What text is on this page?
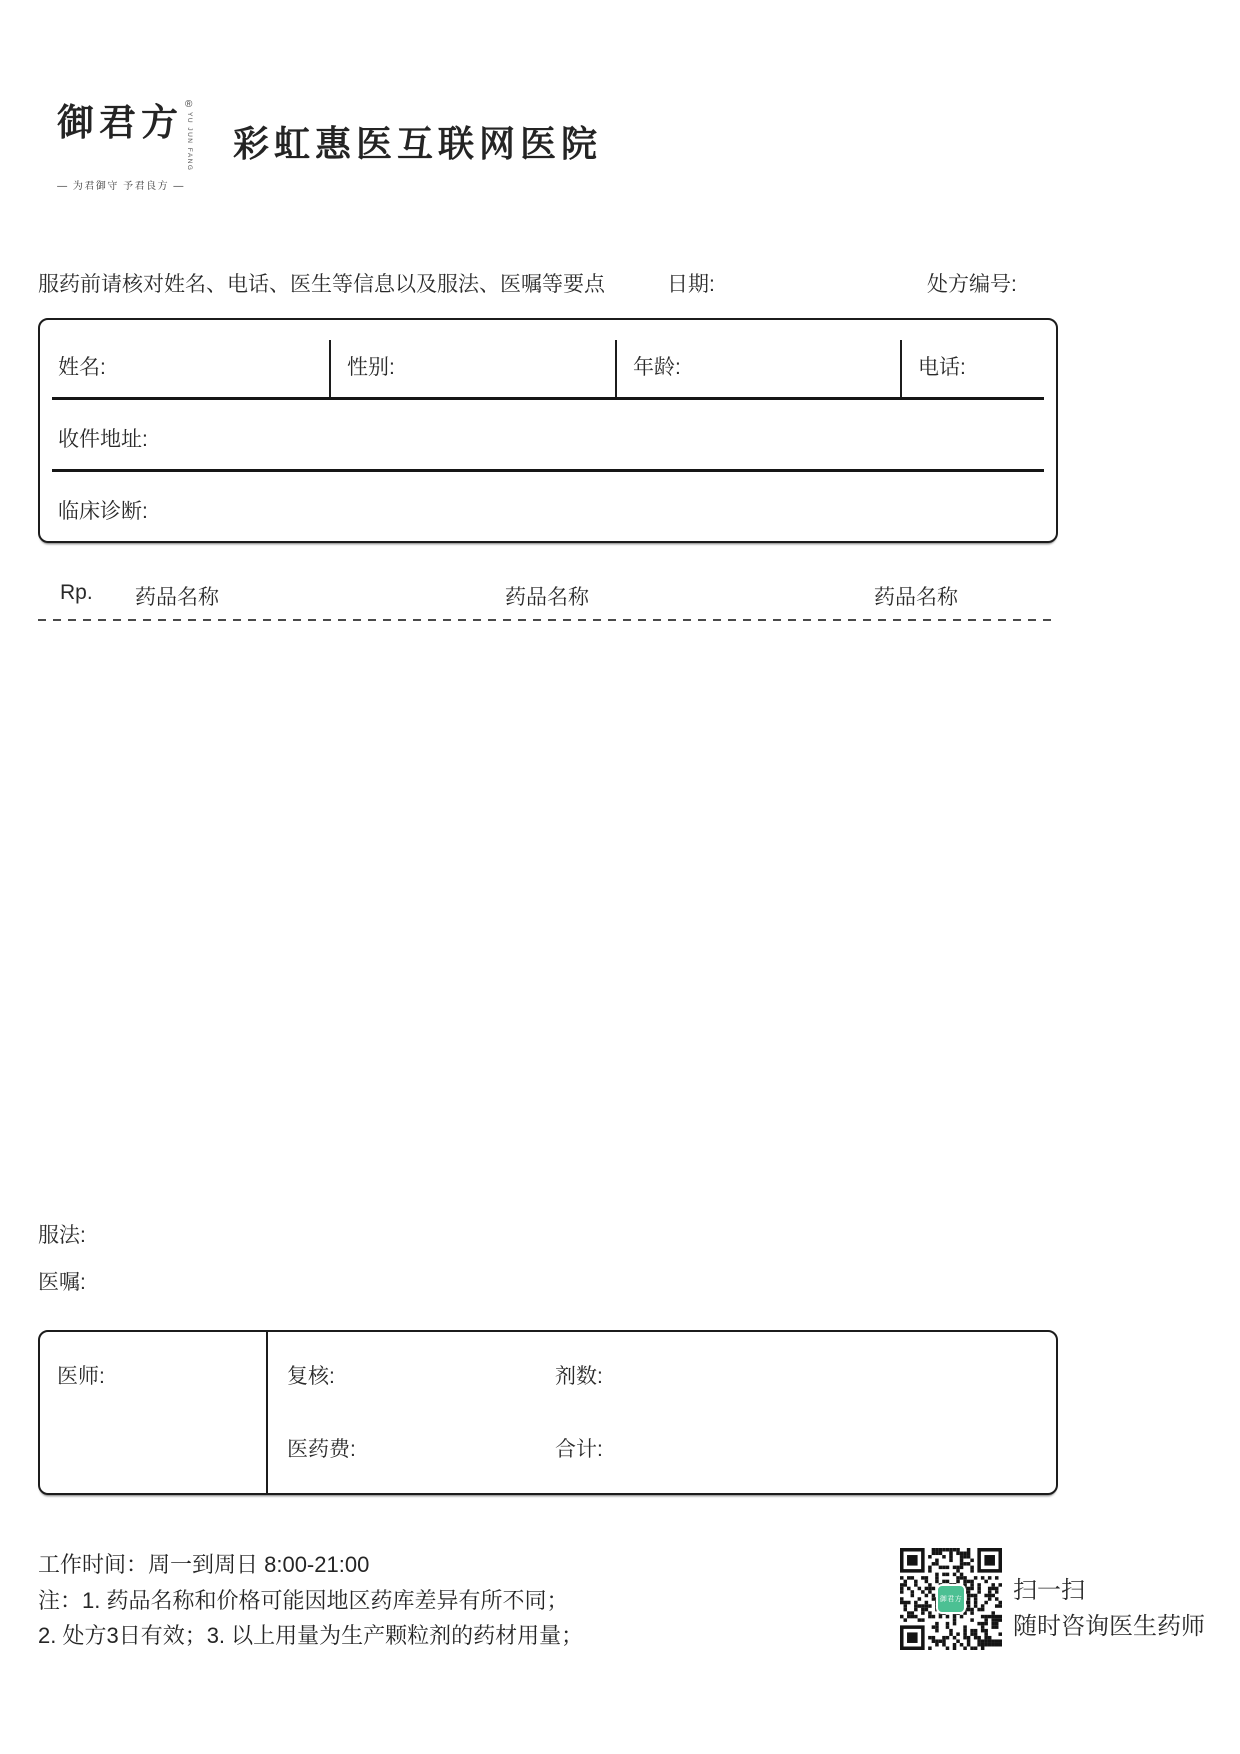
御君方 ®
YU JUN FANG
— 为君御守 予君良方 —
彩虹惠医互联网医院
服药前请核对姓名、电话、医生等信息以及服法、医嘱等要点	日期:	处方编号:
姓名:	性别:	年龄:	电话:
收件地址:
临床诊断:
Rp. 药品名称	药品名称	药品名称
服法:
医嘱:
医师:	复核:	剂数:
医药费:	合计:
工作时间：周一到周日 8:00-21:00
注：1. 药品名称和价格可能因地区药库差异有所不同；
2. 处方3日有效；3. 以上用量为生产颗粒剂的药材用量；
御君方 扫一扫
随时咨询医生药师
